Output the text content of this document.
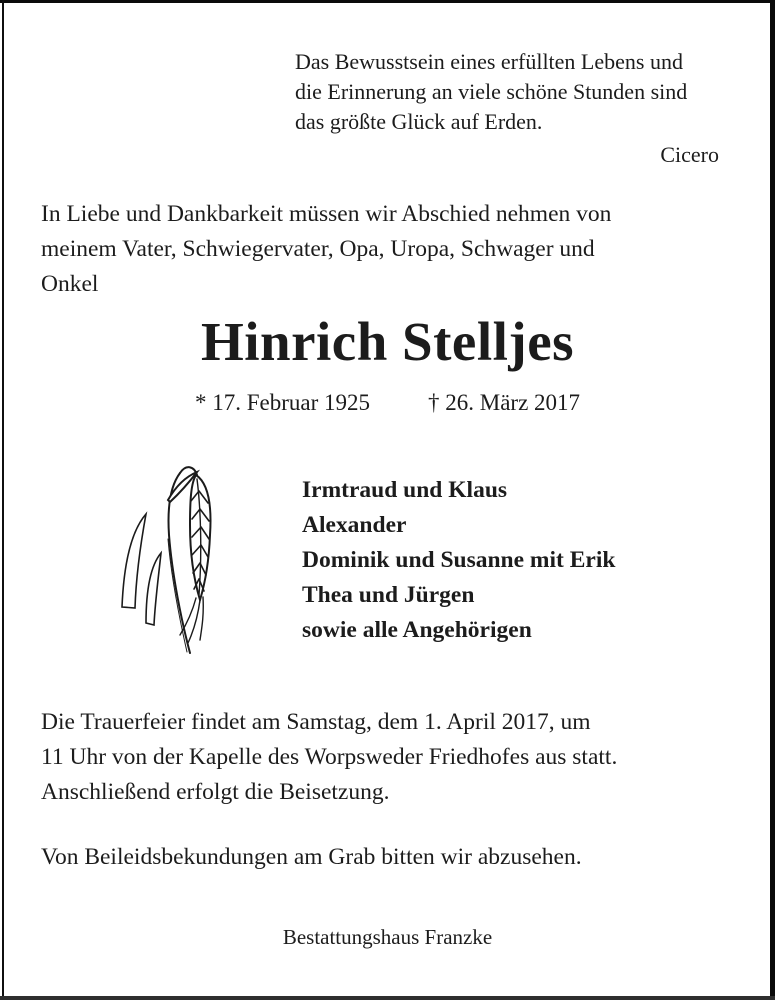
Das Bewusstsein eines erfüllten Lebens und
die Erinnerung an viele schöne Stunden sind
das größte Glück auf Erden.
Cicero
In Liebe und Dankbarkeit müssen wir Abschied nehmen von
meinem Vater, Schwiegervater, Opa, Uropa, Schwager und
Onkel
Hinrich Stelljes
* 17. Februar 1925	† 26. März 2017
Irmtraud und Klaus
Alexander
Dominik und Susanne mit Erik
Thea und Jürgen
sowie alle Angehörigen
Die Trauerfeier findet am Samstag, dem 1. April 2017, um
11 Uhr von der Kapelle des Worpsweder Friedhofes aus statt.
Anschließend erfolgt die Beisetzung.
Von Beileidsbekundungen am Grab bitten wir abzusehen.
Bestattungshaus Franzke
